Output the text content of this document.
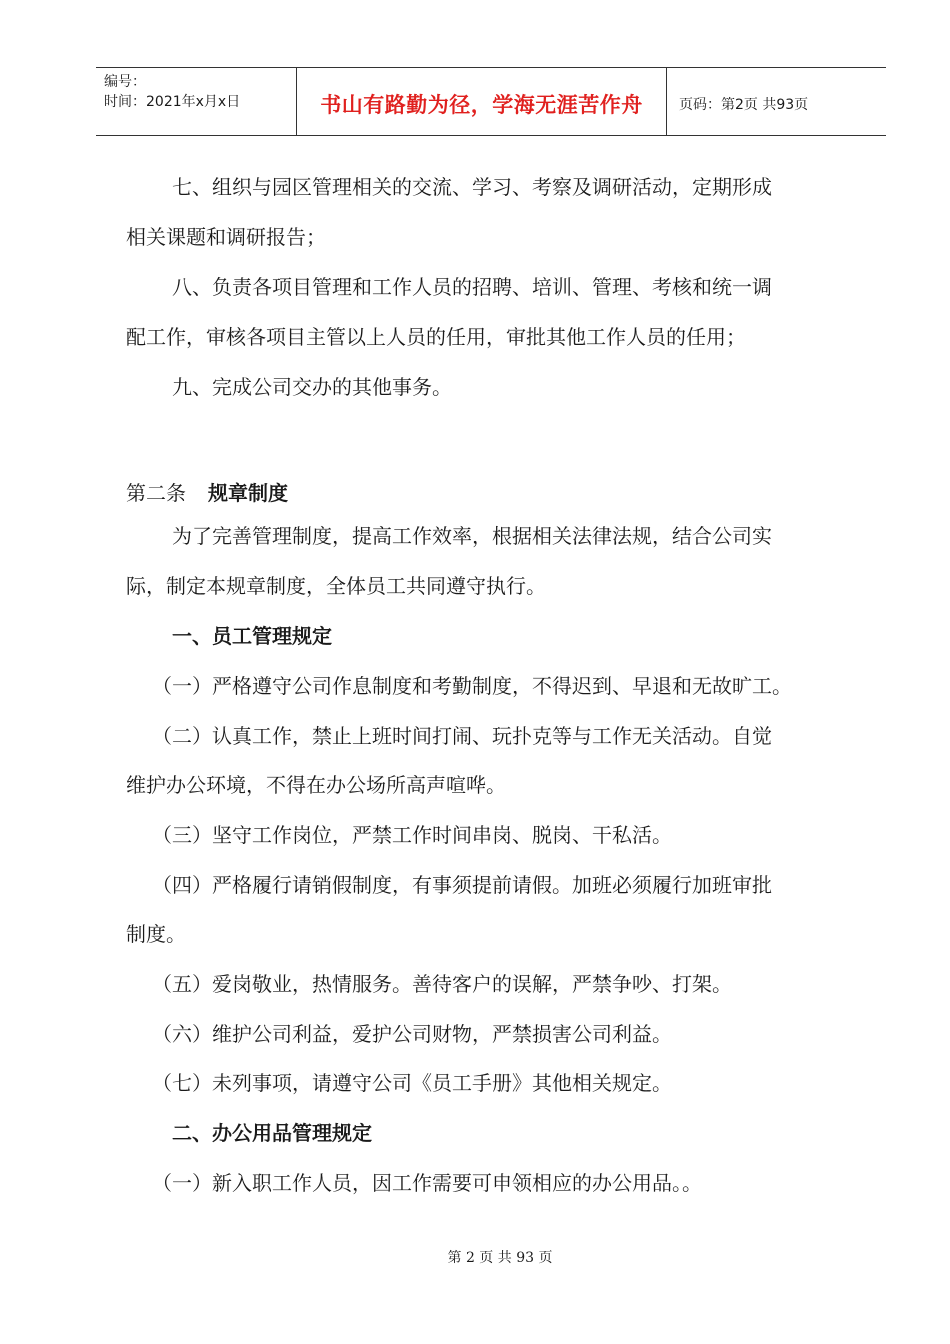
编号：
时间：2021年x月x日	书山有路勤为径，学海无涯苦作舟	页码：第2页 共93页
七、组织与园区管理相关的交流、学习、考察及调研活动，定期形成
相关课题和调研报告；
八、负责各项目管理和工作人员的招聘、培训、管理、考核和统一调
配工作，审核各项目主管以上人员的任用，审批其他工作人员的任用；
九、完成公司交办的其他事务。
第二条 规章制度
为了完善管理制度，提高工作效率，根据相关法律法规，结合公司实
际，制定本规章制度，全体员工共同遵守执行。
一、员工管理规定
（一）严格遵守公司作息制度和考勤制度，不得迟到、早退和无故旷工。
（二）认真工作，禁止上班时间打闹、玩扑克等与工作无关活动。自觉
维护办公环境，不得在办公场所高声喧哗。
（三）坚守工作岗位，严禁工作时间串岗、脱岗、干私活。
（四）严格履行请销假制度，有事须提前请假。加班必须履行加班审批
制度。
（五）爱岗敬业，热情服务。善待客户的误解，严禁争吵、打架。
（六）维护公司利益，爱护公司财物，严禁损害公司利益。
（七）未列事项，请遵守公司《员工手册》其他相关规定。
二、办公用品管理规定
（一）新入职工作人员，因工作需要可申领相应的办公用品。。
第 2 页 共 93 页
